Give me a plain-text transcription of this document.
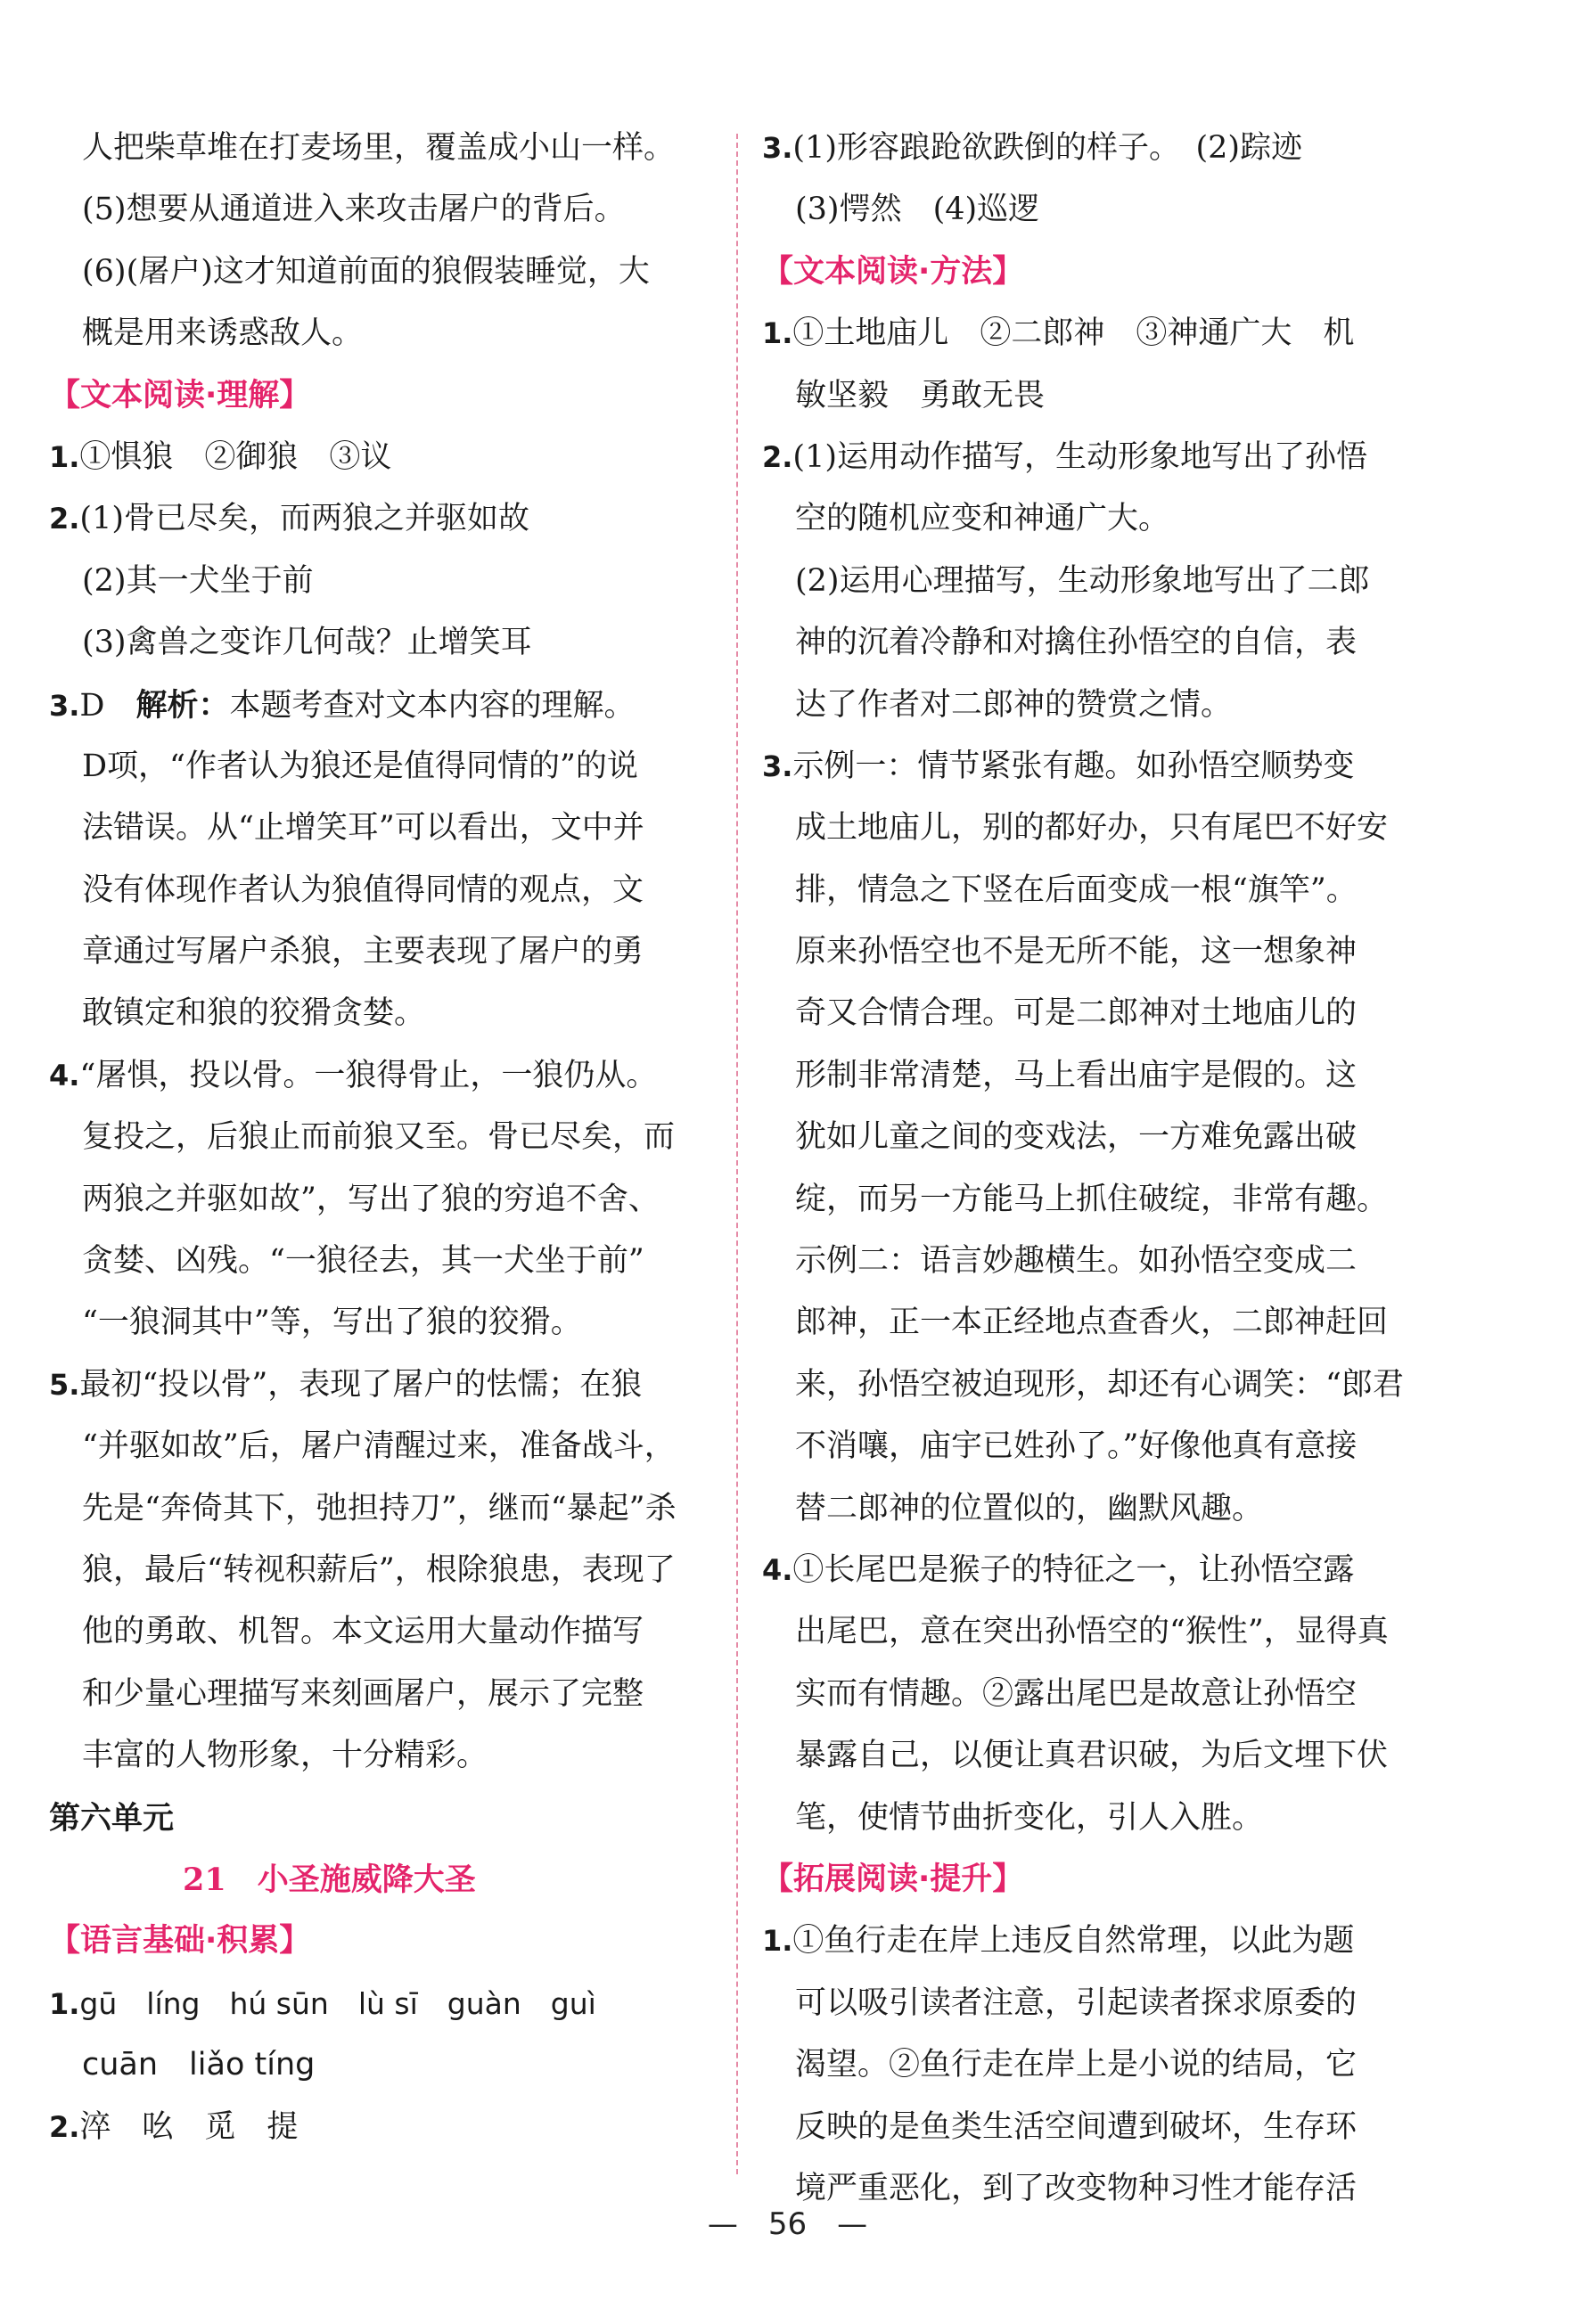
人把柴草堆在打麦场里，覆盖成小山一样。

(5)想要从通道进入来攻击屠户的背后。

(6)(屠户)这才知道前面的狼假装睡觉，大

概是用来诱惑敌人。

【文本阅读·理解】

1.①惧狼　②御狼　③议

2.(1)骨已尽矣，而两狼之并驱如故

(2)其一犬坐于前

(3)禽兽之变诈几何哉？止增笑耳

3.D　解析：本题考查对文本内容的理解。

D项，“作者认为狼还是值得同情的”的说

法错误。从“止增笑耳”可以看出，文中并

没有体现作者认为狼值得同情的观点，文

章通过写屠户杀狼，主要表现了屠户的勇

敢镇定和狼的狡猾贪婪。

4.“屠惧，投以骨。一狼得骨止，一狼仍从。

复投之，后狼止而前狼又至。骨已尽矣，而

两狼之并驱如故”，写出了狼的穷追不舍、

贪婪、凶残。“一狼径去，其一犬坐于前”

“一狼洞其中”等，写出了狼的狡猾。

5.最初“投以骨”，表现了屠户的怯懦；在狼

“并驱如故”后，屠户清醒过来，准备战斗，

先是“奔倚其下，弛担持刀”，继而“暴起”杀

狼，最后“转视积薪后”，根除狼患，表现了

他的勇敢、机智。本文运用大量动作描写

和少量心理描写来刻画屠户，展示了完整

丰富的人物形象，十分精彩。

第六单元

21　小圣施威降大圣

【语言基础·积累】

1.gū　líng　hú sūn　lù sī　guàn　guì

cuān　liǎo tíng

2.淬　吆　觅　提

3.(1)形容踉跄欲跌倒的样子。　(2)踪迹

(3)愕然　(4)巡逻

【文本阅读·方法】

1.①土地庙儿　②二郎神　③神通广大　机

敏坚毅　勇敢无畏

2.(1)运用动作描写，生动形象地写出了孙悟

空的随机应变和神通广大。

(2)运用心理描写，生动形象地写出了二郎

神的沉着冷静和对擒住孙悟空的自信，表

达了作者对二郎神的赞赏之情。

3.示例一：情节紧张有趣。如孙悟空顺势变

成土地庙儿，别的都好办，只有尾巴不好安

排，情急之下竖在后面变成一根“旗竿”。

原来孙悟空也不是无所不能，这一想象神

奇又合情合理。可是二郎神对土地庙儿的

形制非常清楚，马上看出庙宇是假的。这

犹如儿童之间的变戏法，一方难免露出破

绽，而另一方能马上抓住破绽，非常有趣。

示例二：语言妙趣横生。如孙悟空变成二

郎神，正一本正经地点查香火，二郎神赶回

来，孙悟空被迫现形，却还有心调笑：“郎君

不消嚷，庙宇已姓孙了。”好像他真有意接

替二郎神的位置似的，幽默风趣。

4.①长尾巴是猴子的特征之一，让孙悟空露

出尾巴，意在突出孙悟空的“猴性”，显得真

实而有情趣。②露出尾巴是故意让孙悟空

暴露自己，以便让真君识破，为后文埋下伏

笔，使情节曲折变化，引人入胜。

【拓展阅读·提升】

1.①鱼行走在岸上违反自然常理，以此为题

可以吸引读者注意，引起读者探求原委的

渴望。②鱼行走在岸上是小说的结局，它

反映的是鱼类生活空间遭到破坏，生存环

境严重恶化，到了改变物种习性才能存活

—　56　—
